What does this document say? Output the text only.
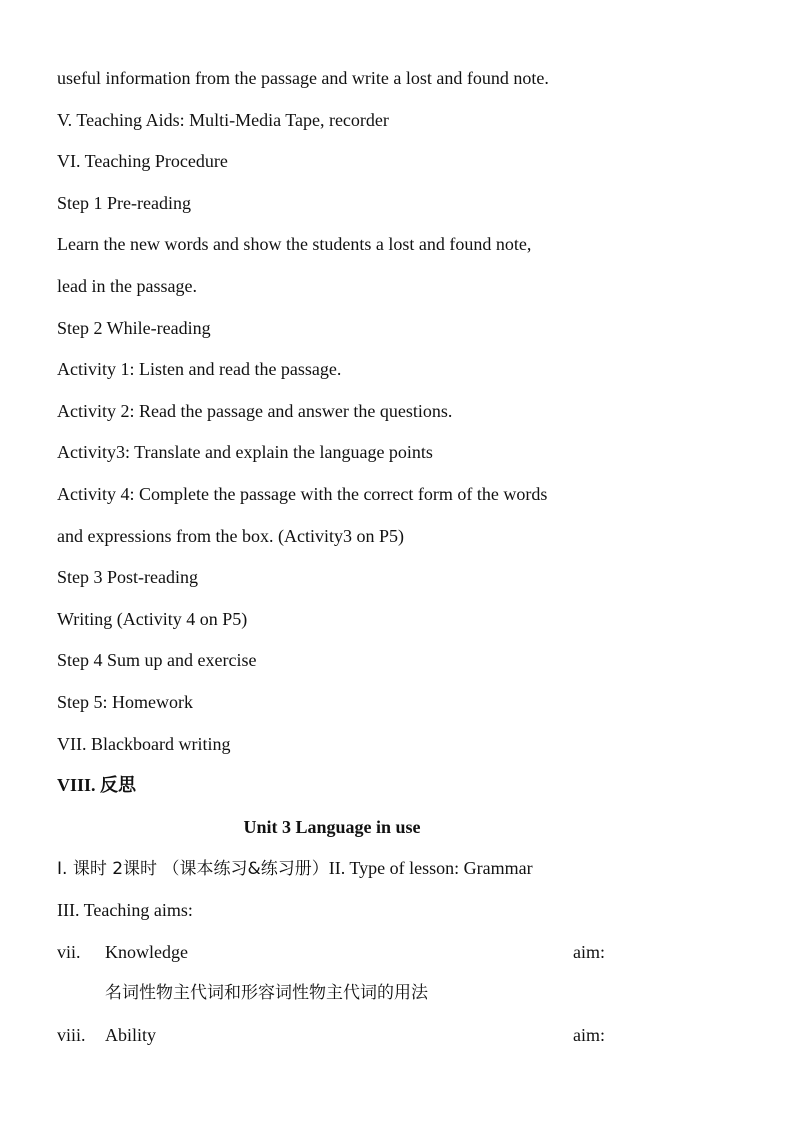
useful information from the passage and write a lost and found note.
V. Teaching Aids: Multi-Media Tape, recorder
VI. Teaching Procedure
Step 1 Pre-reading
Learn the new words and show the students a lost and found note,
lead in the passage.
Step 2 While-reading
Activity 1: Listen and read the passage.
Activity 2: Read the passage and answer the questions.
Activity3: Translate and explain the language points
Activity 4: Complete the passage with the correct form of the words
and expressions from the box. (Activity3 on P5)
Step 3 Post-reading
Writing (Activity 4 on P5)
Step 4 Sum up and exercise
Step 5: Homework
VII. Blackboard writing
VIII. 反思
Unit 3 Language in use
I. 课时 2课时 （课本练习&练习册）II. Type of lesson: Grammar
III. Teaching aims:
vii. Knowledge	aim:
名词性物主代词和形容词性物主代词的用法
viii. Ability	aim:
